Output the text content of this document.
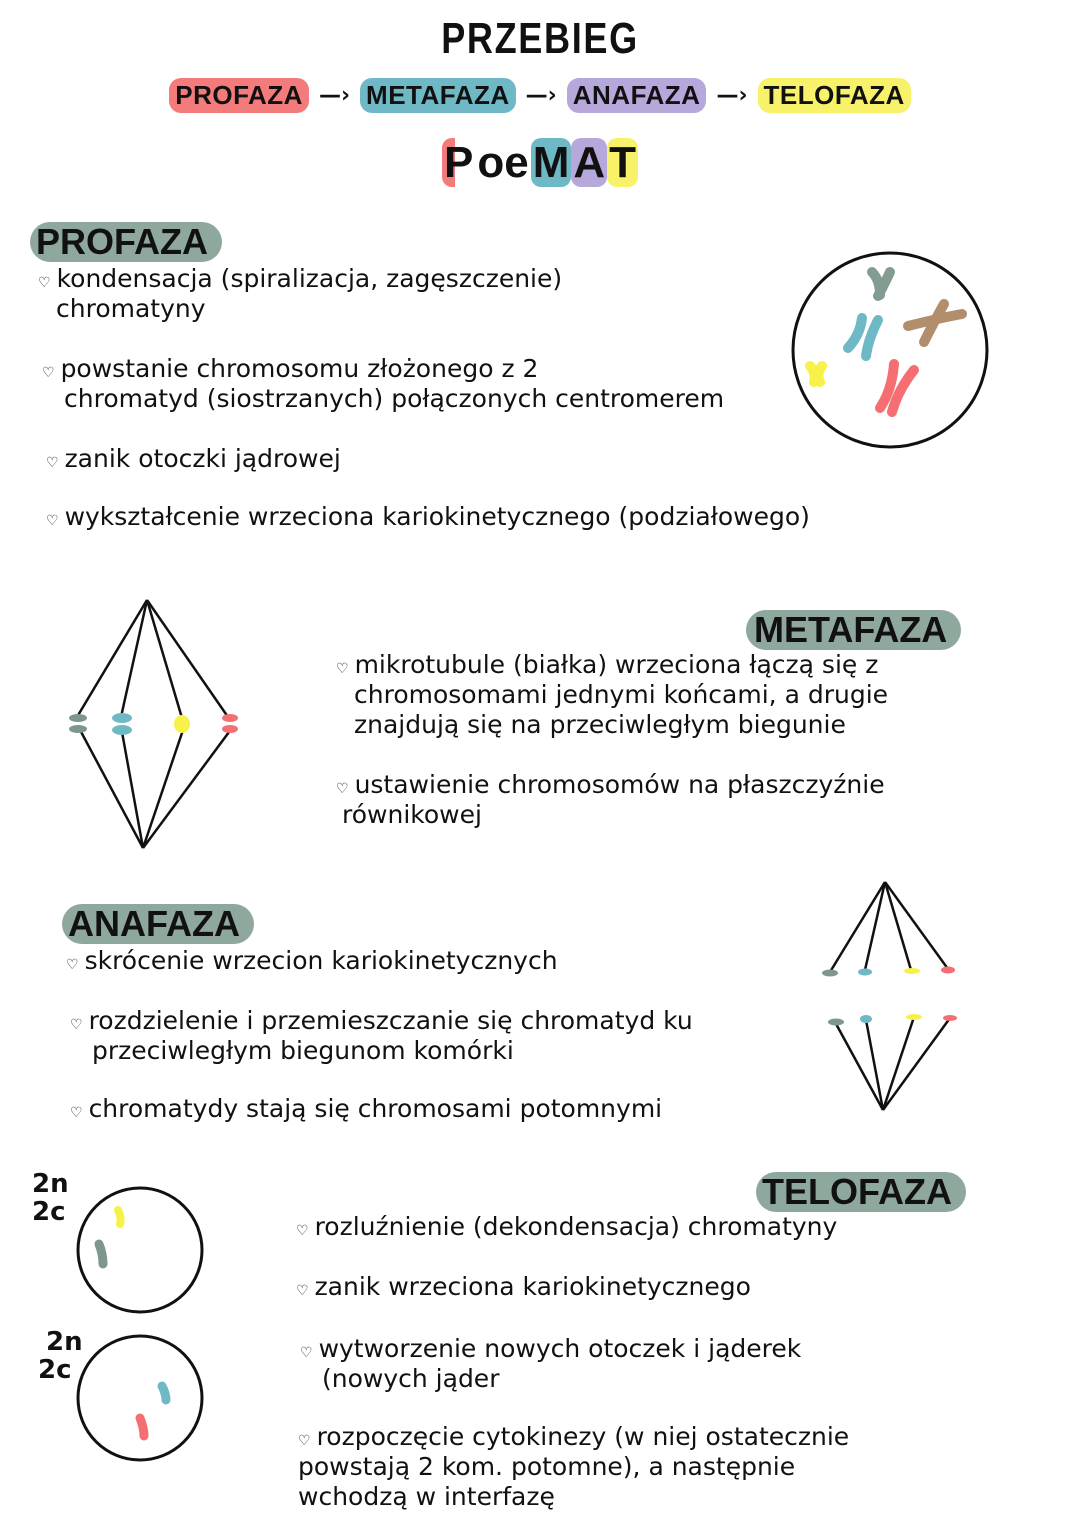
PRZEBIEG
PROFAZA —› METAFAZA —› ANAFAZA —› TELOFAZA
PoeMAT
PROFAZA
♡ kondensacja (spiralizacja, zagęszczenie)
chromatyny
♡ powstanie chromosomu złożonego z 2
chromatyd (siostrzanych) połączonych centromerem
♡ zanik otoczki jądrowej
♡ wykształcenie wrzeciona kariokinetycznego (podziałowego)
METAFAZA
♡ mikrotubule (białka) wrzeciona łączą się z
chromosomami jednymi końcami, a drugie
znajdują się na przeciwległym biegunie
♡ ustawienie chromosomów na płaszczyźnie
równikowej
ANAFAZA
♡ skrócenie wrzecion kariokinetycznych
♡ rozdzielenie i przemieszczanie się chromatyd ku
przeciwległym biegunom komórki
♡ chromatydy stają się chromosami potomnymi
2n
2c
2n
2c
TELOFAZA
♡ rozluźnienie (dekondensacja) chromatyny
♡ zanik wrzeciona kariokinetycznego
♡ wytworzenie nowych otoczek i jąderek
(nowych jąder
♡ rozpoczęcie cytokinezy (w niej ostatecznie
powstają 2 kom. potomne), a następnie
wchodzą w interfazę
